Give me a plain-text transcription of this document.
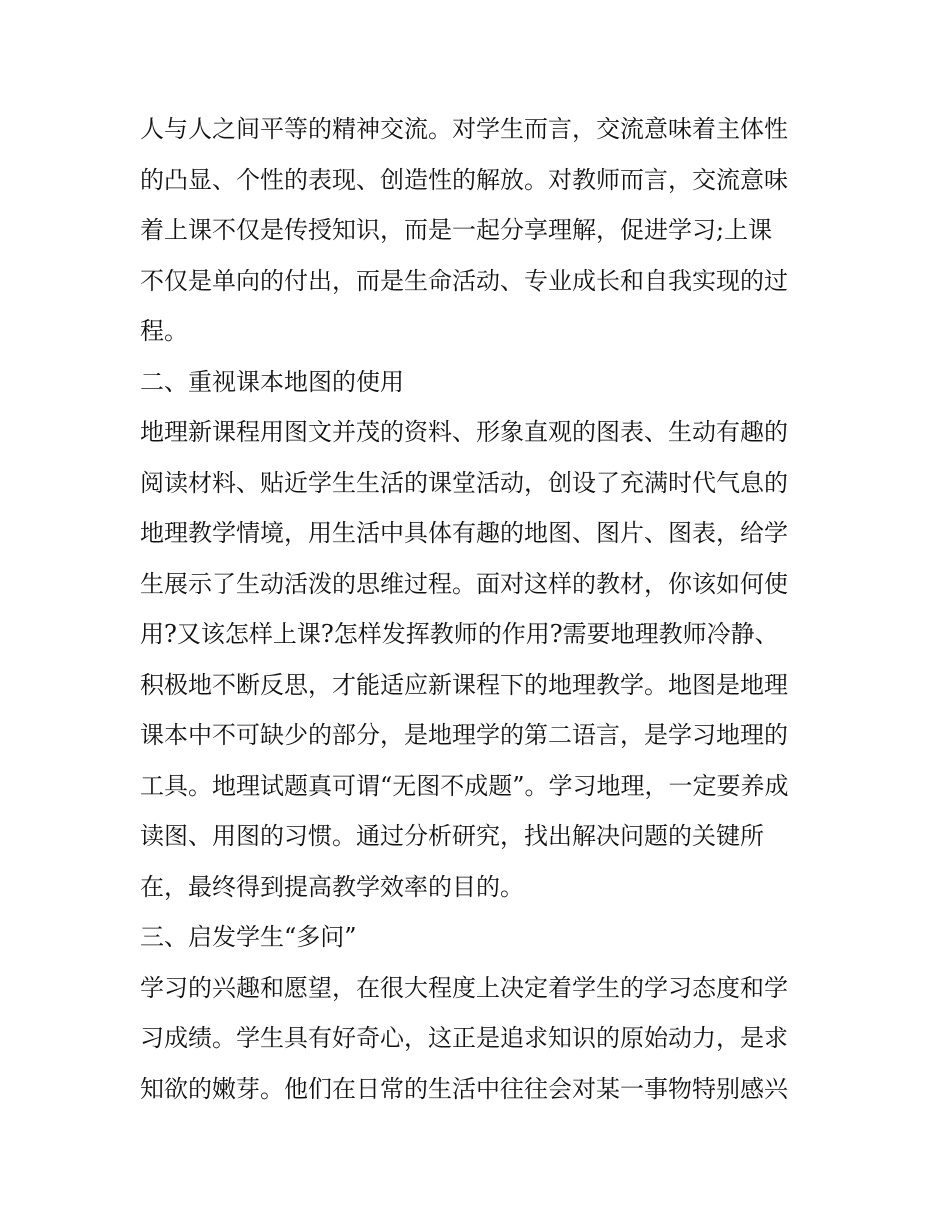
人与人之间平等的精神交流。对学生而言，交流意味着主体性
的凸显、个性的表现、创造性的解放。对教师而言，交流意味
着上课不仅是传授知识，而是一起分享理解，促进学习;上课
不仅是单向的付出，而是生命活动、专业成长和自我实现的过
程。
二、重视课本地图的使用
地理新课程用图文并茂的资料、形象直观的图表、生动有趣的
阅读材料、贴近学生生活的课堂活动，创设了充满时代气息的
地理教学情境，用生活中具体有趣的地图、图片、图表，给学
生展示了生动活泼的思维过程。面对这样的教材，你该如何使
用?又该怎样上课?怎样发挥教师的作用?需要地理教师冷静、
积极地不断反思，才能适应新课程下的地理教学。地图是地理
课本中不可缺少的部分，是地理学的第二语言，是学习地理的
工具。地理试题真可谓“无图不成题”。学习地理，一定要养成
读图、用图的习惯。通过分析研究，找出解决问题的关键所
在，最终得到提高教学效率的目的。
三、启发学生“多问”
学习的兴趣和愿望，在很大程度上决定着学生的学习态度和学
习成绩。学生具有好奇心，这正是追求知识的原始动力，是求
知欲的嫩芽。他们在日常的生活中往往会对某一事物特别感兴
